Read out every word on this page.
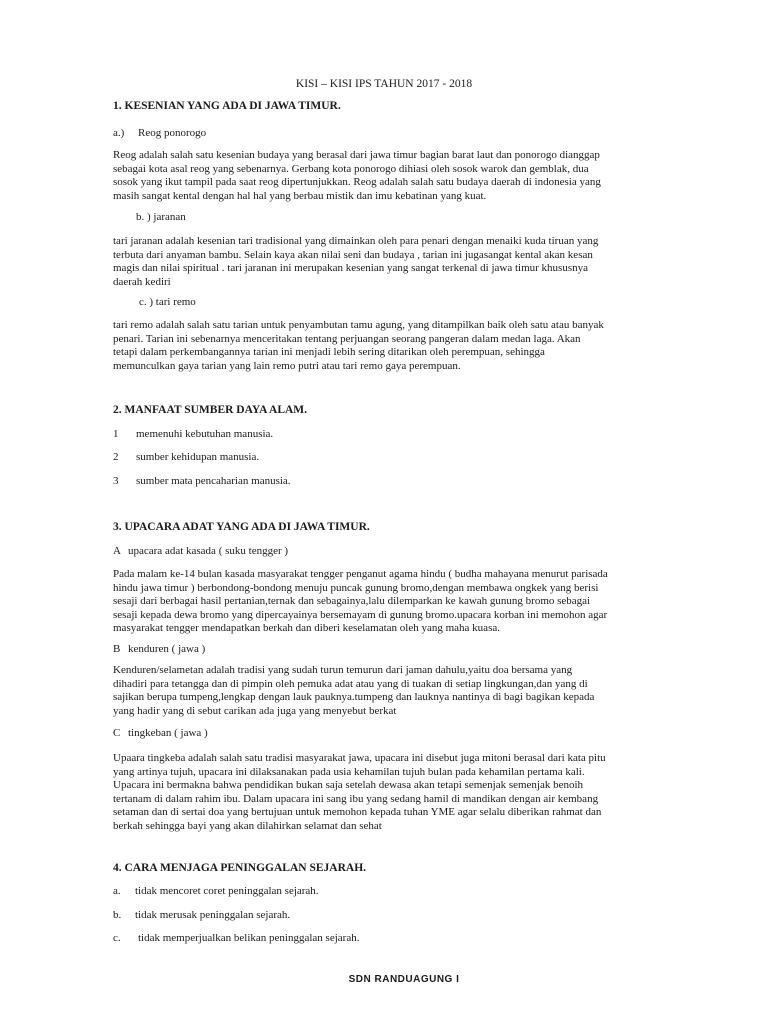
KISI – KISI IPS TAHUN 2017 - 2018
1. KESENIAN YANG ADA DI JAWA TIMUR.
a.) Reog ponorogo
Reog adalah salah satu kesenian budaya yang berasal dari jawa timur bagian barat laut dan ponorogo dianggap
sebagai kota asal reog yang sebenarnya. Gerbang kota ponorogo dihiasi oleh sosok warok dan gemblak, dua
sosok yang ikut tampil pada saat reog dipertunjukkan. Reog adalah salah satu budaya daerah di indonesia yang
masih sangat kental dengan hal hal yang berbau mistik dan imu kebatinan yang kuat.
b. ) jaranan
tari jaranan adalah kesenian tari tradisional yang dimainkan oleh para penari dengan menaiki kuda tiruan yang
terbuta dari anyaman bambu. Selain kaya akan nilai seni dan budaya , tarian ini jugasangat kental akan kesan
magis dan nilai spiritual . tari jaranan ini merupakan kesenian yang sangat terkenal di jawa timur khususnya
daerah kediri
c. ) tari remo
tari remo adalah salah satu tarian untuk penyambutan tamu agung, yang ditampilkan baik oleh satu atau banyak
penari. Tarian ini sebenarnya menceritakan tentang perjuangan seorang pangeran dalam medan laga. Akan
tetapi dalam perkembangannya tarian ini menjadi lebih sering ditarikan oleh perempuan, sehingga
memunculkan gaya tarian yang lain remo putri atau tari remo gaya perempuan.
2. MANFAAT SUMBER DAYA ALAM.
1 memenuhi kebutuhan manusia.
2 sumber kehidupan manusia.
3 sumber mata pencaharian manusia.
3. UPACARA ADAT YANG ADA DI JAWA TIMUR.
A upacara adat kasada ( suku tengger )
Pada malam ke-14 bulan kasada masyarakat tengger penganut agama hindu ( budha mahayana menurut parisada
hindu jawa timur ) berbondong-bondong menuju puncak gunung bromo,dengan membawa ongkek yang berisi
sesaji dari berbagai hasil pertanian,ternak dan sebagainya,lalu dilemparkan ke kawah gunung bromo sebagai
sesaji kepada dewa bromo yang dipercayainya bersemayam di gunung bromo.upacara korban ini memohon agar
masyarakat tengger mendapatkan berkah dan diberi keselamatan oleh yang maha kuasa.
B kenduren ( jawa )
Kenduren/selametan adalah tradisi yang sudah turun temurun dari jaman dahulu,yaitu doa bersama yang
dihadiri para tetangga dan di pimpin oleh pemuka adat atau yang di tuakan di setiap lingkungan,dan yang di
sajikan berupa tumpeng,lengkap dengan lauk pauknya.tumpeng dan lauknya nantinya di bagi bagikan kepada
yang hadir yang di sebut carikan ada juga yang menyebut berkat
C tingkeban ( jawa )
Upaara tingkeba adalah salah satu tradisi masyarakat jawa, upacara ini disebut juga mitoni berasal dari kata pitu
yang artinya tujuh, upacara ini dilaksanakan pada usia kehamilan tujuh bulan pada kehamilan pertama kali.
Upacara ini bermakna bahwa pendidikan bukan saja setelah dewasa akan tetapi semenjak semenjak benoih
tertanam di dalam rahim ibu. Dalam upacara ini sang ibu yang sedang hamil di mandikan dengan air kembang
setaman dan di sertai doa yang bertujuan untuk memohon kepada tuhan YME agar selalu diberikan rahmat dan
berkah sehingga bayi yang akan dilahirkan selamat dan sehat
4. CARA MENJAGA PENINGGALAN SEJARAH.
a. tidak mencoret coret peninggalan sejarah.
b. tidak merusak peninggalan sejarah.
c. tidak memperjualkan belikan peninggalan sejarah.
SDN RANDUAGUNG I
